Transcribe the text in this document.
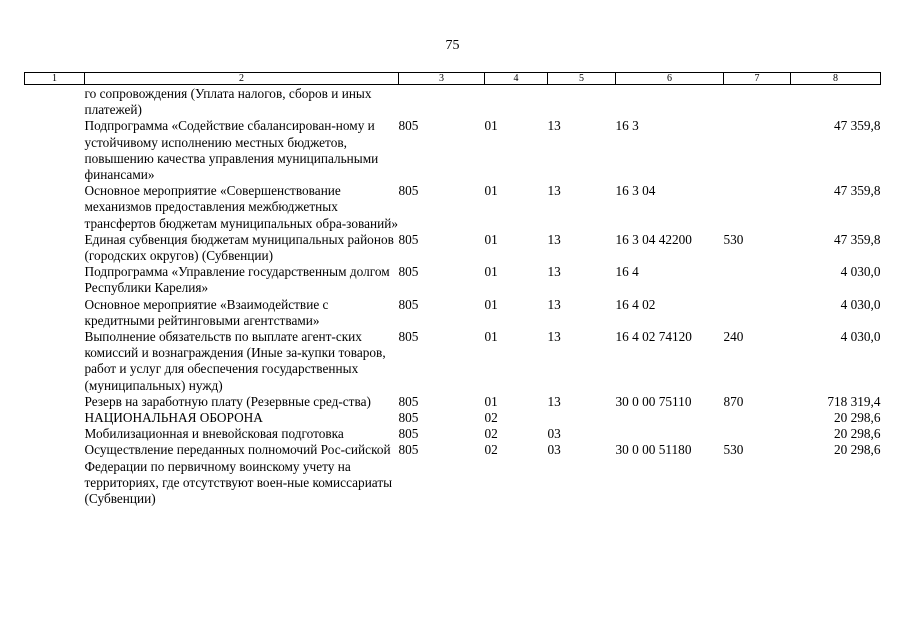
75
1	2	3	4	5	6	7	8
	го сопровождения (Уплата налогов, сборов и иных платежей)						
	Подпрограмма «Содействие сбалансирован-ному и устойчивому исполнению местных бюджетов, повышению качества управления муниципальными финансами»	805	01	13	16 3		47 359,8
	Основное мероприятие «Совершенствование механизмов предоставления межбюджетных трансфертов бюджетам муниципальных обра-зований»	805	01	13	16 3 04		47 359,8
	Единая субвенция бюджетам муниципальных районов (городских округов) (Субвенции)	805	01	13	16 3 04 42200	530	47 359,8
	Подпрограмма «Управление государственным долгом Республики Карелия»	805	01	13	16 4		4 030,0
	Основное мероприятие «Взаимодействие с кредитными рейтинговыми агентствами»	805	01	13	16 4 02		4 030,0
	Выполнение обязательств по выплате агент-ских комиссий и вознаграждения (Иные за-купки товаров, работ и услуг для обеспечения государственных (муниципальных) нужд)	805	01	13	16 4 02 74120	240	4 030,0
	Резерв на заработную плату (Резервные сред-ства)	805	01	13	30 0 00 75110	870	718 319,4
	НАЦИОНАЛЬНАЯ ОБОРОНА	805	02				20 298,6
	Мобилизационная и вневойсковая подготовка	805	02	03			20 298,6
	Осуществление переданных полномочий Рос-сийской Федерации по первичному воинскому учету на территориях, где отсутствуют воен-ные комиссариаты (Субвенции)	805	02	03	30 0 00 51180	530	20 298,6
